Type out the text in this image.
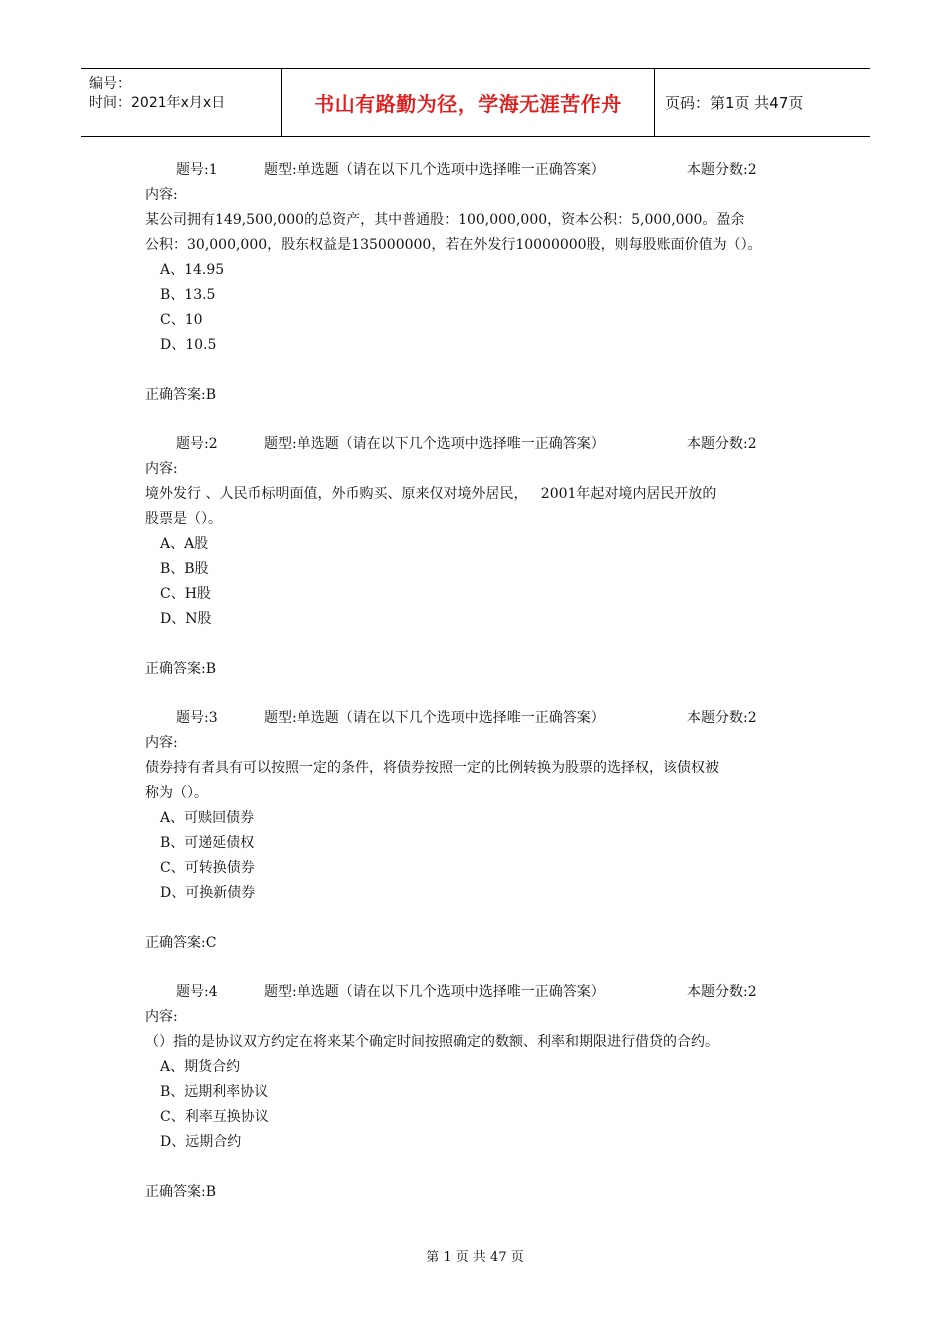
编号：
时间：2021年x月x日	书山有路勤为径，学海无涯苦作舟	页码：第1页 共47页
题号:1	题型:单选题（请在以下几个选项中选择唯一正确答案）	本题分数:2
内容:
某公司拥有149,500,000的总资产，其中普通股：100,000,000，资本公积：5,000,000。盈余
公积：30,000,000，股东权益是135000000，若在外发行10000000股，则每股账面价值为（）。
A、14.95
B、13.5
C、10
D、10.5
正确答案:B
题号:2	题型:单选题（请在以下几个选项中选择唯一正确答案）	本题分数:2
内容:
境外发行 、人民币标明面值，外币购买、原来仅对境外居民，   2001年起对境内居民开放的
股票是（）。
A、A股
B、B股
C、H股
D、N股
正确答案:B
题号:3	题型:单选题（请在以下几个选项中选择唯一正确答案）	本题分数:2
内容:
债券持有者具有可以按照一定的条件，将债券按照一定的比例转换为股票的选择权，该债权被
称为（）。
A、可赎回债券
B、可递延债权
C、可转换债券
D、可换新债券
正确答案:C
题号:4	题型:单选题（请在以下几个选项中选择唯一正确答案）	本题分数:2
内容:
（）指的是协议双方约定在将来某个确定时间按照确定的数额、利率和期限进行借贷的合约。
A、期货合约
B、远期利率协议
C、利率互换协议
D、远期合约
正确答案:B
第 1 页 共 47 页
